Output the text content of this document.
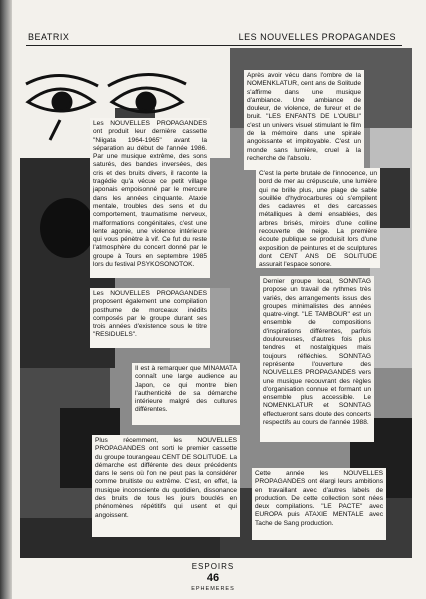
BEATRIX	LES NOUVELLES PROPAGANDES
Les NOUVELLES PROPAGANDES ont produit leur dernière cassette "Niigata 1964-1965" avant la séparation au début de l'année 1986. Par une musique extrême, des sons saturés, des bandes inversées, des cris et des bruits divers, il raconte la tragédie qu'a vécue ce petit village japonais empoisonné par le mercure dans les années cinquante. Ataxie mentale, troubles des sens et du comportement, traumatisme nerveux, malformations congénitales, c'est une lente agonie, une violence intérieure qui vous pénètre à vif. Ce fut du reste l'atmosphère du concert donné par le groupe à Tours en septembre 1985 lors du festival PSYKOSONOTOK.
Les NOUVELLES PROPAGANDES proposent également une compilation posthume de morceaux inédits composés par le groupe durant ses trois années d'existence sous le titre "RESIDUELS".
Il est à remarquer que MINAMATA connaît une large audience au Japon, ce qui montre bien l'authenticité de sa démarche intérieure malgré des cultures différentes.
Plus récemment, les NOUVELLES PROPAGANDES ont sorti le premier cassette du groupe tourangeau CENT DE SOLITUDE. La démarche est différente des deux précédents dans le sens où l'on ne peut pas la considérer comme bruitiste ou extrême. C'est, en effet, la musique inconsciente du quotidien, dissonance des bruits de tous les jours bouclés en phénomènes répétitifs qui usent et qui angoissent.
Après avoir vécu dans l'ombre de la NOMENKLATUR, cent ans de Solitude s'affirme dans une musique d'ambiance. Une ambiance de douleur, de violence, de fureur et de bruit. "LES ENFANTS DE L'OUBLI" c'est un univers visuel stimulant le film de la mémoire dans une spirale angoissante et impitoyable. C'est un monde sans lumière, cruel à la recherche de l'absolu.
C'est la perte brutale de l'innocence, un bord de mer au crépuscule, une lumière qui ne brille plus, une plage de sable souillée d'hydrocarbures où s'empilent des cadavres et des carcasses métalliques à demi ensablées, des arbres brisés, miroirs d'une colline recouverte de neige. La première écoute publique se produisit lors d'une exposition de peintures et de sculptures dont CENT ANS DE SOLITUDE assurait l'espace sonore.
Dernier groupe local, SONNTAG propose un travail de rythmes très variés, des arrangements issus des groupes minimalistes des années quatre-vingt. "LE TAMBOUR" est un ensemble de compositions d'inspirations différentes, parfois douloureuses, d'autres fois plus tendres et nostalgiques mais toujours réfléchies. SONNTAG représente l'ouverture des NOUVELLES PROPAGANDES vers une musique recouvrant des règles d'organisation connue et formant un ensemble plus accessible. Le NOMENKLATUR et SONNTAG effectueront sans doute des concerts respectifs au cours de l'année 1988.
Cette année les NOUVELLES PROPAGANDES ont élargi leurs ambitions en travaillant avec d'autres labels de production. De cette collection sont nées deux compilations. "LE PACTE" avec EUROPA puis ATAXIE MENTALE avec Tache de Sang production.
ESPOIRS
46
EPHEMERES
